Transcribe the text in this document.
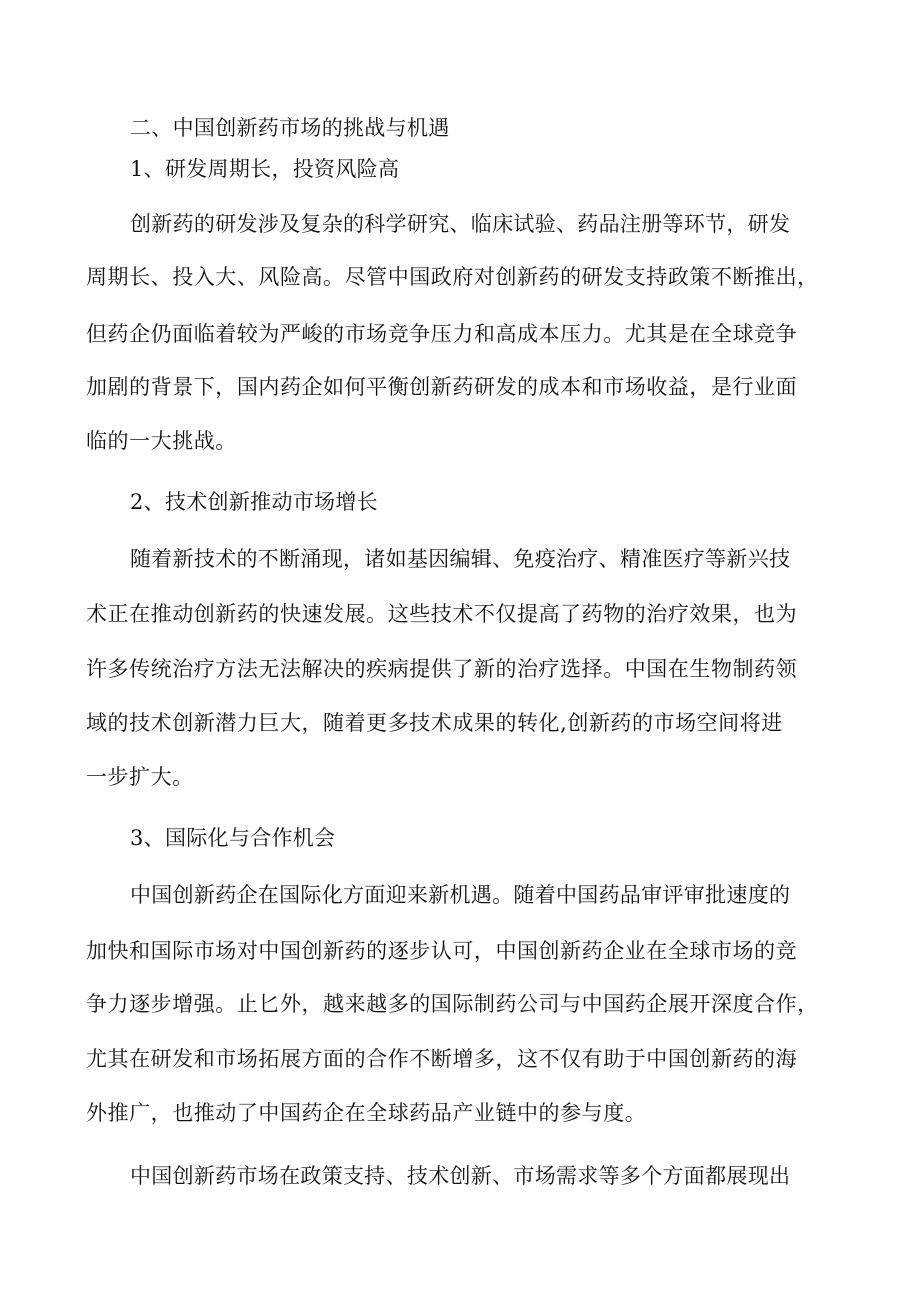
二、中国创新药市场的挑战与机遇
1、研发周期长，投资风险高
创新药的研发涉及复杂的科学研究、临床试验、药品注册等环节，研发
周期长、投入大、风险高。尽管中国政府对创新药的研发支持政策不断推出，
但药企仍面临着较为严峻的市场竞争压力和高成本压力。尤其是在全球竞争
加剧的背景下，国内药企如何平衡创新药研发的成本和市场收益，是行业面
临的一大挑战。
2、技术创新推动市场增长
随着新技术的不断涌现，诸如基因编辑、免疫治疗、精准医疗等新兴技
术正在推动创新药的快速发展。这些技术不仅提高了药物的治疗效果，也为
许多传统治疗方法无法解决的疾病提供了新的治疗选择。中国在生物制药领
域的技术创新潜力巨大，随着更多技术成果的转化,创新药的市场空间将进
一步扩大。
3、国际化与合作机会
中国创新药企在国际化方面迎来新机遇。随着中国药品审评审批速度的
加快和国际市场对中国创新药的逐步认可，中国创新药企业在全球市场的竞
争力逐步增强。止匕外，越来越多的国际制药公司与中国药企展开深度合作，
尤其在研发和市场拓展方面的合作不断增多，这不仅有助于中国创新药的海
外推广，也推动了中国药企在全球药品产业链中的参与度。
中国创新药市场在政策支持、技术创新、市场需求等多个方面都展现出
